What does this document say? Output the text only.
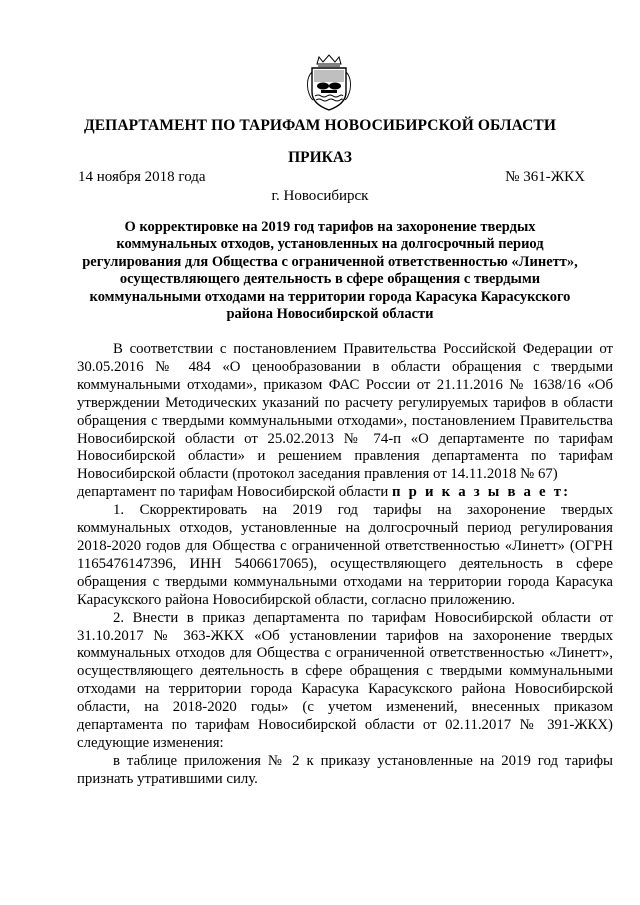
ДЕПАРТАМЕНТ ПО ТАРИФАМ НОВОСИБИРСКОЙ ОБЛАСТИ
ПРИКАЗ
14 ноября 2018 года	№ 361-ЖКХ
г. Новосибирск
О корректировке на 2019 год тарифов на захоронение твердых
коммунальных отходов, установленных на долгосрочный период
регулирования для Общества с ограниченной ответственностью «Линетт»,
осуществляющего деятельность в сфере обращения с твердыми
коммунальными отходами на территории города Карасука Карасукского
района Новосибирской области

В соответствии с постановлением Правительства Российской Федерации от 30.05.2016 № 484 «О ценообразовании в области обращения с твердыми коммунальными отходами», приказом ФАС России от 21.11.2016 № 1638/16 «Об утверждении Методических указаний по расчету регулируемых тарифов в области обращения с твердыми коммунальными отходами», постановлением Правительства Новосибирской области от 25.02.2013 № 74-п «О департаменте по тарифам Новосибирской области» и решением правления департамента по тарифам Новосибирской области (протокол заседания правления от 14.11.2018 № 67)

департамент по тарифам Новосибирской области п р и к а з ы в а е т:

1. Скорректировать на 2019 год тарифы на захоронение твердых коммунальных отходов, установленные на долгосрочный период регулирования 2018-2020 годов для Общества с ограниченной ответственностью «Линетт» (ОГРН 1165476147396, ИНН 5406617065), осуществляющего деятельность в сфере обращения с твердыми коммунальными отходами на территории города Карасука Карасукского района Новосибирской области, согласно приложению.

2. Внести в приказ департамента по тарифам Новосибирской области от 31.10.2017 № 363-ЖКХ «Об установлении тарифов на захоронение твердых коммунальных отходов для Общества с ограниченной ответственностью «Линетт», осуществляющего деятельность в сфере обращения с твердыми коммунальными отходами на территории города Карасука Карасукского района Новосибирской области, на 2018-2020 годы» (с учетом изменений, внесенных приказом департамента по тарифам Новосибирской области от 02.11.2017 № 391-ЖКХ) следующие изменения:

в таблице приложения № 2 к приказу установленные на 2019 год тарифы признать утратившими силу.
